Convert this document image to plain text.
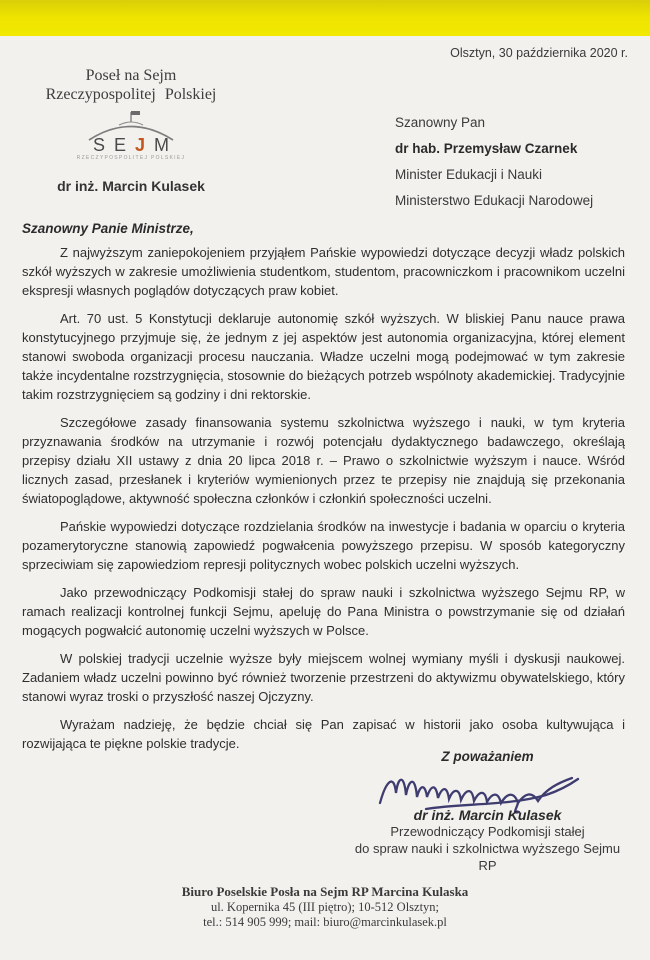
Olsztyn, 30 października 2020 r.
Poseł na Sejm
Rzeczypospolitej Polskiej
SEJM
RZECZYPOSPOLITEJ POLSKIEJ
dr inż. Marcin Kulasek
Szanowny Pan
dr hab. Przemysław Czarnek
Minister Edukacji i Nauki
Ministerstwo Edukacji Narodowej
Szanowny Panie Ministrze,

Z najwyższym zaniepokojeniem przyjąłem Pańskie wypowiedzi dotyczące decyzji władz polskich szkół wyższych w zakresie umożliwienia studentkom, studentom, pracowniczkom i pracownikom uczelni ekspresji własnych poglądów dotyczących praw kobiet.

Art. 70 ust. 5 Konstytucji deklaruje autonomię szkół wyższych. W bliskiej Panu nauce prawa konstytucyjnego przyjmuje się, że jednym z jej aspektów jest autonomia organizacyjna, której element stanowi swoboda organizacji procesu nauczania. Władze uczelni mogą podejmować w tym zakresie także incydentalne rozstrzygnięcia, stosownie do bieżących potrzeb wspólnoty akademickiej. Tradycyjnie takim rozstrzygnięciem są godziny i dni rektorskie.

Szczegółowe zasady finansowania systemu szkolnictwa wyższego i nauki, w tym kryteria przyznawania środków na utrzymanie i rozwój potencjału dydaktycznego badawczego, określają przepisy działu XII ustawy z dnia 20 lipca 2018 r. – Prawo o szkolnictwie wyższym i nauce. Wśród licznych zasad, przesłanek i kryteriów wymienionych przez te przepisy nie znajdują się przekonania światopoglądowe, aktywność społeczna członków i członkiń społeczności uczelni.

Pańskie wypowiedzi dotyczące rozdzielania środków na inwestycje i badania w oparciu o kryteria pozamerytoryczne stanowią zapowiedź pogwałcenia powyższego przepisu. W sposób kategoryczny sprzeciwiam się zapowiedziom represji politycznych wobec polskich uczelni wyższych.

Jako przewodniczący Podkomisji stałej do spraw nauki i szkolnictwa wyższego Sejmu RP, w ramach realizacji kontrolnej funkcji Sejmu, apeluję do Pana Ministra o powstrzymanie się od działań mogących pogwałcić autonomię uczelni wyższych w Polsce.

W polskiej tradycji uczelnie wyższe były miejscem wolnej wymiany myśli i dyskusji naukowej. Zadaniem władz uczelni powinno być również tworzenie przestrzeni do aktywizmu obywatelskiego, który stanowi wyraz troski o przyszłość naszej Ojczyzny.

Wyrażam nadzieję, że będzie chciał się Pan zapisać w historii jako osoba kultywująca i rozwijająca te piękne polskie tradycje.

Z poważaniem
dr inż. Marcin Kulasek
Przewodniczący Podkomisji stałej
do spraw nauki i szkolnictwa wyższego Sejmu RP
Biuro Poselskie Posła na Sejm RP Marcina Kulaska
ul. Kopernika 45 (III piętro); 10-512 Olsztyn;
tel.: 514 905 999; mail: biuro@marcinkulasek.pl
